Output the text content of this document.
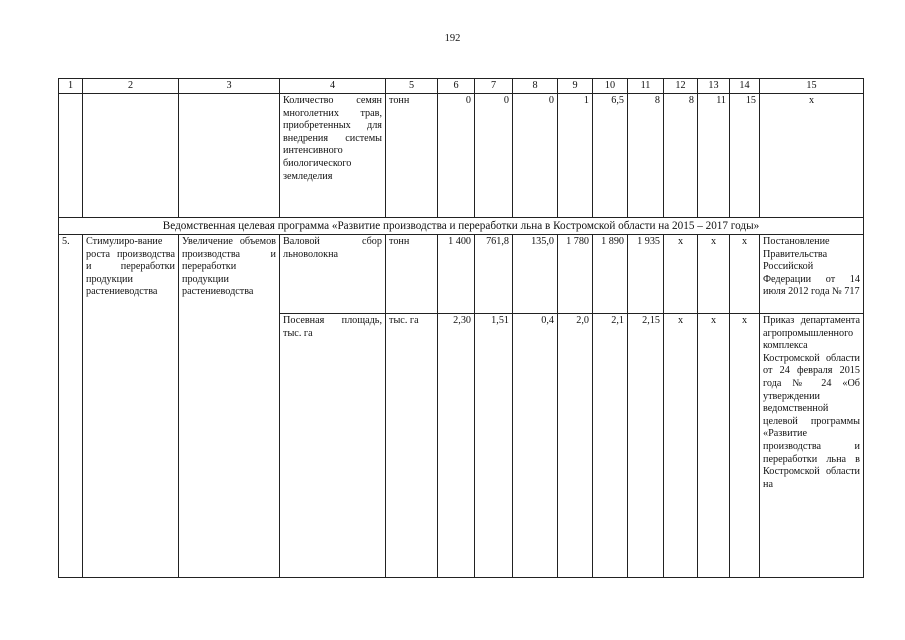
192
1	2	3	4	5	6	7	8	9	10	11	12	13	14	15
			Количество семян многолетних трав, приобретенных для внедрения системы интенсивного биологического земледелия	тонн	0	0	0	1	6,5	8	8	11	15	х
Ведомственная целевая программа «Развитие производства и переработки льна в Костромской области на 2015 – 2017 годы»														
5.	Стимулиро-вание роста производства и переработки продукции растениеводства	Увеличение объемов производства и переработки продукции растениеводства	Валовой сбор льноволокна	тонн	1 400	761,8	135,0	1 780	1 890	1 935	х	х	х	Постановление Правительства Российской Федерации от 14 июля 2012 года № 717
			Посевная площадь, тыс. га	тыс. га	2,30	1,51	0,4	2,0	2,1	2,15	х	х	х	Приказ департамента агропромышленного комплекса Костромской области от 24 февраля 2015 года № 24 «Об утверждении ведомственной целевой программы «Развитие производства и переработки льна в Костромской области на
